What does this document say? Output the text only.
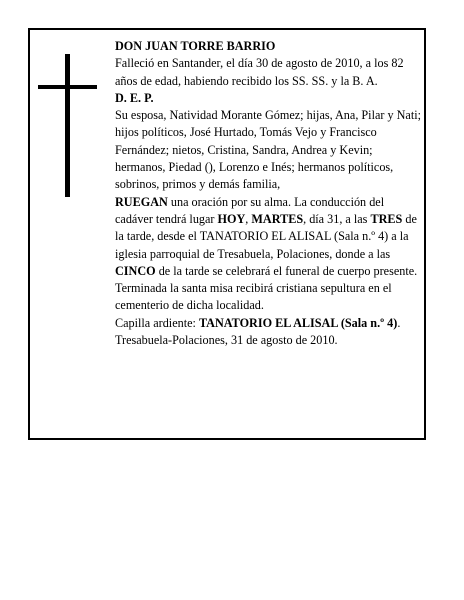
DON JUAN TORRE BARRIO

Falleció en Santander, el día 30 de agosto de 2010, a los 82 años de edad, habiendo recibido los SS. SS. y la B. A.

D. E. P.

Su esposa, Natividad Morante Gómez; hijas, Ana, Pilar y Nati; hijos políticos, José Hurtado, Tomás Vejo y Francisco Fernández; nietos, Cristina, Sandra, Andrea y Kevin; hermanos, Piedad (), Lorenzo e Inés; hermanos políticos, sobrinos, primos y demás familia,

RUEGAN una oración por su alma. La conducción del cadáver tendrá lugar HOY, MARTES, día 31, a las TRES de la tarde, desde el TANATORIO EL ALISAL (Sala n.º 4) a la iglesia parroquial de Tresabuela, Polaciones, donde a las CINCO de la tarde se celebrará el funeral de cuerpo presente. Terminada la santa misa recibirá cristiana sepultura en el cementerio de dicha localidad.

Capilla ardiente: TANATORIO EL ALISAL (Sala n.º 4).

Tresabuela-Polaciones, 31 de agosto de 2010.
